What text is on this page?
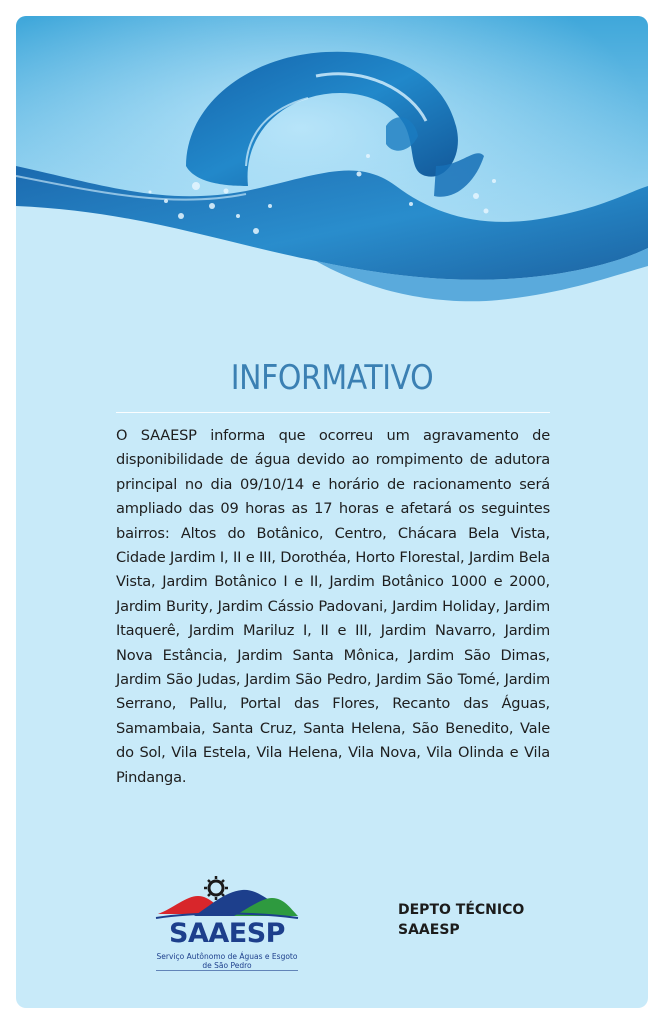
INFORMATIVO
O SAAESP informa que ocorreu um agravamento de disponibilidade de água devido ao rompimento de adutora principal no dia 09/10/14 e horário de racionamento será ampliado das 09 horas as 17 horas e afetará os seguintes bairros: Altos do Botânico, Centro, Chácara Bela Vista, Cidade Jardim I, II e III, Dorothéa, Horto Florestal, Jardim Bela Vista, Jardim Botânico I e II, Jardim Botânico 1000 e 2000, Jardim Burity, Jardim Cássio Padovani, Jardim Holiday, Jardim Itaquerê, Jardim Mariluz I, II e III, Jardim Navarro, Jardim Nova Estância, Jardim Santa Mônica, Jardim São Dimas, Jardim São Judas, Jardim São Pedro, Jardim São Tomé, Jardim Serrano, Pallu, Portal das Flores, Recanto das Águas, Samambaia, Santa Cruz, Santa Helena, São Benedito, Vale do Sol, Vila Estela, Vila Helena, Vila Nova, Vila Olinda e Vila Pindanga.
SAAESP
Serviço Autônomo de Águas e Esgoto
de São Pedro
DEPTO TÉCNICO
SAAESP
